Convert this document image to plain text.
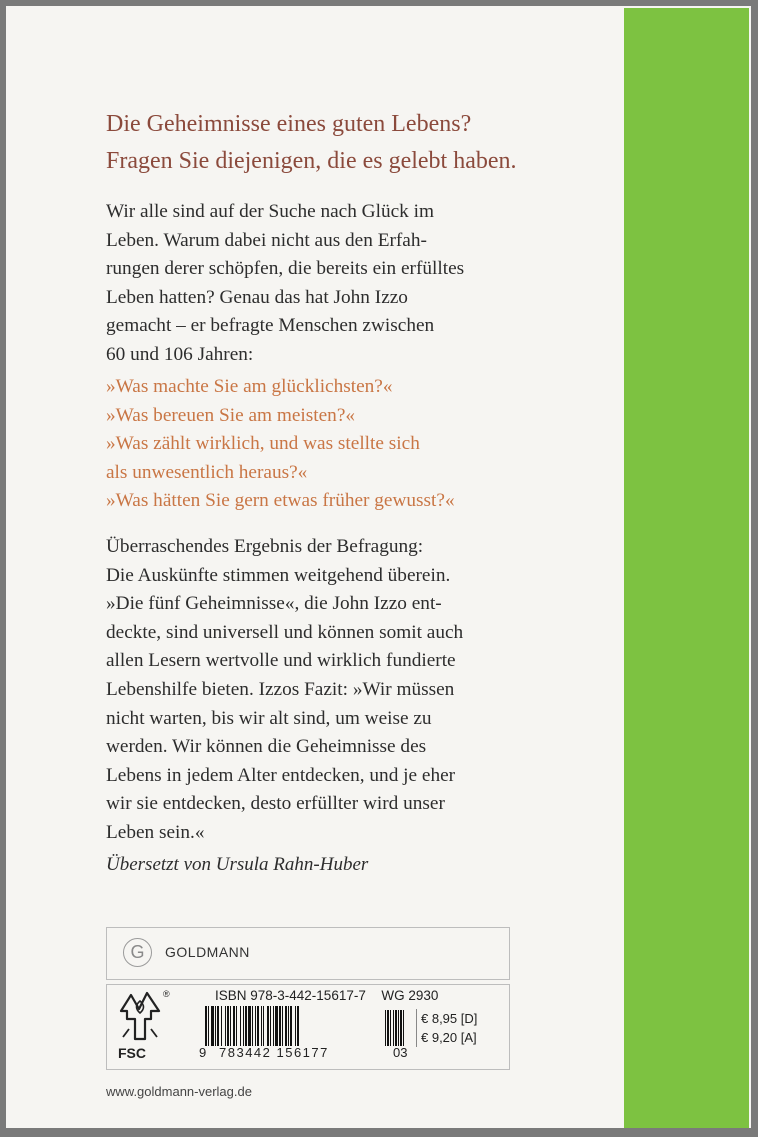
Die Geheimnisse eines guten Lebens?
Fragen Sie diejenigen, die es gelebt haben.
Wir alle sind auf der Suche nach Glück im
Leben. Warum dabei nicht aus den Erfah-
rungen derer schöpfen, die bereits ein erfülltes
Leben hatten? Genau das hat John Izzo
gemacht – er befragte Menschen zwischen
60 und 106 Jahren:
»Was machte Sie am glücklichsten?«
»Was bereuen Sie am meisten?«
»Was zählt wirklich, und was stellte sich
als unwesentlich heraus?«
»Was hätten Sie gern etwas früher gewusst?«
Überraschendes Ergebnis der Befragung:
Die Auskünfte stimmen weitgehend überein.
»Die fünf Geheimnisse«, die John Izzo ent-
deckte, sind universell und können somit auch
allen Lesern wertvolle und wirklich fundierte
Lebenshilfe bieten. Izzos Fazit: »Wir müssen
nicht warten, bis wir alt sind, um weise zu
werden. Wir können die Geheimnisse des
Lebens in jedem Alter entdecken, und je eher
wir sie entdecken, desto erfüllter wird unser
Leben sein.«
Übersetzt von Ursula Rahn-Huber
G	GOLDMANN
FSC
®	ISBN 978-3-442-15617-7 WG 2930
9 783442 156177	03
€ 8,95 [D]
€ 9,20 [A]
www.goldmann-verlag.de
